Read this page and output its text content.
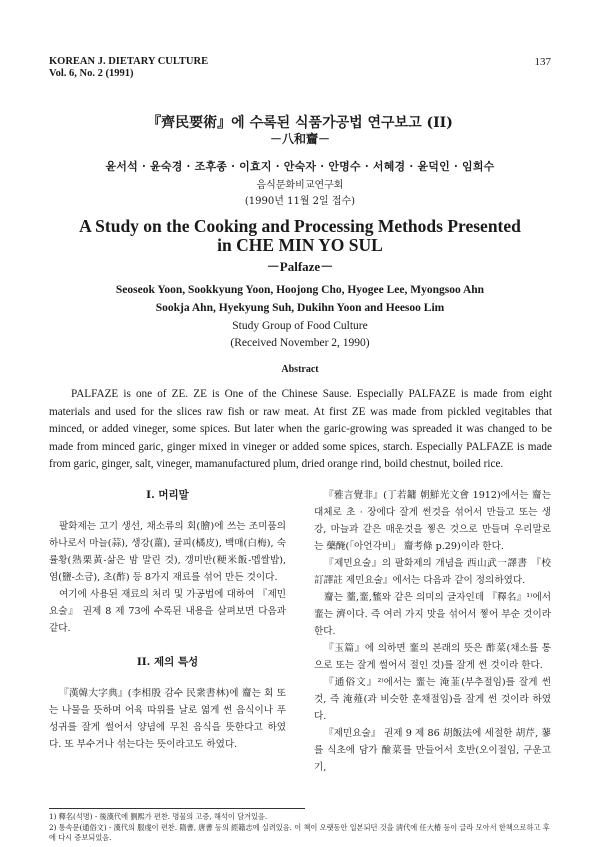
KOREAN J. DIETARY CULTURE
Vol. 6, No. 2 (1991)
137
『齊民要術』에 수록된 식품가공법 연구보고 (II)
－八和齏－
윤서석 · 윤숙경 · 조후종 · 이효지 · 안숙자 · 안명수 · 서혜경 · 윤덕인 · 임희수
음식문화비교연구회
(1990년 11월 2일 접수)
A Study on the Cooking and Processing Methods Presented
in CHE MIN YO SUL
－Palfaze－
Seoseok Yoon, Sookkyung Yoon, Hoojong Cho, Hyogee Lee, Myongsoo Ahn
Sookja Ahn, Hyekyung Suh, Dukihn Yoon and Heesoo Lim
Study Group of Food Culture
(Received November 2, 1990)
Abstract

PALFAZE is one of ZE. ZE is One of the Chinese Sause. Especially PALFAZE is made from eight materials and used for the slices raw fish or raw meat. At first ZE was made from pickled vegitables that minced, or added vineger, some spices. But later when the garic-growing was spreaded it was changed to be made from minced garic, ginger mixed in vineger or added some spices, starch. Especially PALFAZE is made from garic, ginger, salt, vineger, mamanufactured plum, dried orange rind, boild chestnut, boiled rice.

I. 머리말

팔화제는 고기 생선, 채소류의 회(膾)에 쓰는 조미품의 하나로서 마늘(蒜), 생강(薑), 귤피(橘皮), 백매(白梅), 숙률황(熟栗黃-삶은 밤 말린 것), 갱미반(粳米飯-멥쌀밥), 염(鹽-소금), 초(酢) 등 8가지 재료를 섞어 만든 것이다.

여기에 사용된 재료의 처리 및 가공법에 대하여 『제민요술』 권제 8 제 73에 수록된 내용을 살펴보면 다음과 같다.

II. 제의 특성

『漢韓大字典』(李相殷 감수 民衆書林)에 齏는 회 또는 나물을 뜻하며 어육 따위를 날로 엷게 썬 음식이나 푸성귀를 잘게 썰어서 양념에 무친 음식을 뜻한다고 하였다. 또 부수거나 섞는다는 뜻이라고도 하였다.

『雅言覺非』(丁若鏞 朝鮮光文會 1912)에서는 齏는 대체로 초 · 장에다 잘게 썬것을 섞어서 만들고 또는 생강, 마늘과 같은 매운것을 찧은 것으로 만들며 우리말로는 藥醃(「아언각비」 齏考條 p.29)이라 한다.

『제민요술』의 팔화제의 개념을 西山武一譯書 『校訂譯註 제민요술』에서는 다음과 같이 정의하였다.

齏는 虀,韲,䪡와 같은 의미의 글자인데 『釋名』¹⁾에서 韲는 濟이다. 즉 여러 가지 맛을 섞어서 찧어 부순 것이라 한다.

『玉篇』에 의하면 韲의 본래의 뜻은 酢菜(채소를 통으로 또는 잘게 썰어서 절인 것)를 잘게 썬 것이라 한다.

『通俗文』²⁾에서는 韲는 淹韮(부추절임)를 잘게 썬 것, 즉 淹薤(과 비슷한 훈채절임)을 잘게 썬 것이라 하였다.

『제민요술』 권제 9 제 86 胡飯法에 세절한 胡芹, 蓼를 식초에 담가 醶菜를 만들어서 호반(오이절임, 구운고기,

1) 釋名(석명) - 後漢代에 劉熙가 편찬. 명물의 고증, 해석이 담겨있음.
2) 통속문(通俗文) - 漢代의 服虔이 편찬. 隋書, 唐書 등의 經籍志에 실려있음. 이 책이 오랫동안 일본되던 것을 淸代에 任大椿 등이 글라 모아서 한책으로하고 후에 다시 증보되었음.
